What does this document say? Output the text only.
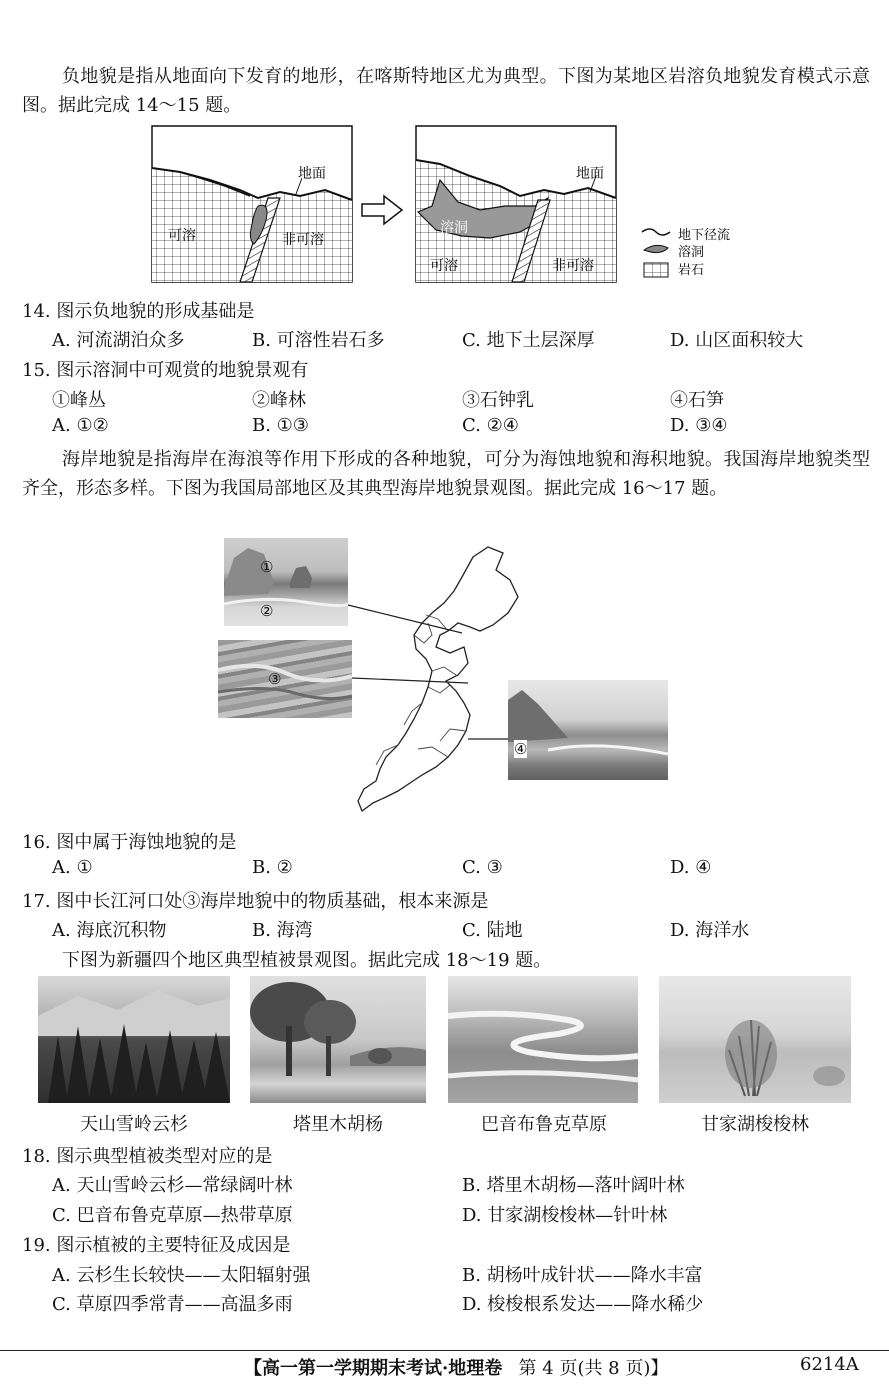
负地貌是指从地面向下发育的地形，在喀斯特地区尤为典型。下图为某地区岩溶负地貌发育模式示意图。据此完成 14～15 题。
地面
可溶	非可溶
地面
溶洞
可溶	非可溶
地下径流
溶洞
岩石
14. 图示负地貌的形成基础是
A. 河流湖泊众多	B. 可溶性岩石多	C. 地下土层深厚	D. 山区面积较大
15. 图示溶洞中可观赏的地貌景观有
①峰丛	②峰林	③石钟乳	④石笋
A. ①②	B. ①③	C. ②④	D. ③④
海岸地貌是指海岸在海浪等作用下形成的各种地貌，可分为海蚀地貌和海积地貌。我国海岸地貌类型齐全，形态多样。下图为我国局部地区及其典型海岸地貌景观图。据此完成 16～17 题。
①
②
③
④
16. 图中属于海蚀地貌的是
A. ①	B. ②	C. ③	D. ④
17. 图中长江河口处③海岸地貌中的物质基础，根本来源是
A. 海底沉积物	B. 海湾	C. 陆地	D. 海洋水
下图为新疆四个地区典型植被景观图。据此完成 18～19 题。
天山雪岭云杉	塔里木胡杨	巴音布鲁克草原	甘家湖梭梭林
18. 图示典型植被类型对应的是
A. 天山雪岭云杉—常绿阔叶林	B. 塔里木胡杨—落叶阔叶林
C. 巴音布鲁克草原—热带草原	D. 甘家湖梭梭林—针叶林
19. 图示植被的主要特征及成因是
A. 云杉生长较快——太阳辐射强	B. 胡杨叶成针状——降水丰富
C. 草原四季常青——高温多雨	D. 梭梭根系发达——降水稀少
【高一第一学期期末考试·地理卷 第 4 页(共 8 页)】	6214A
